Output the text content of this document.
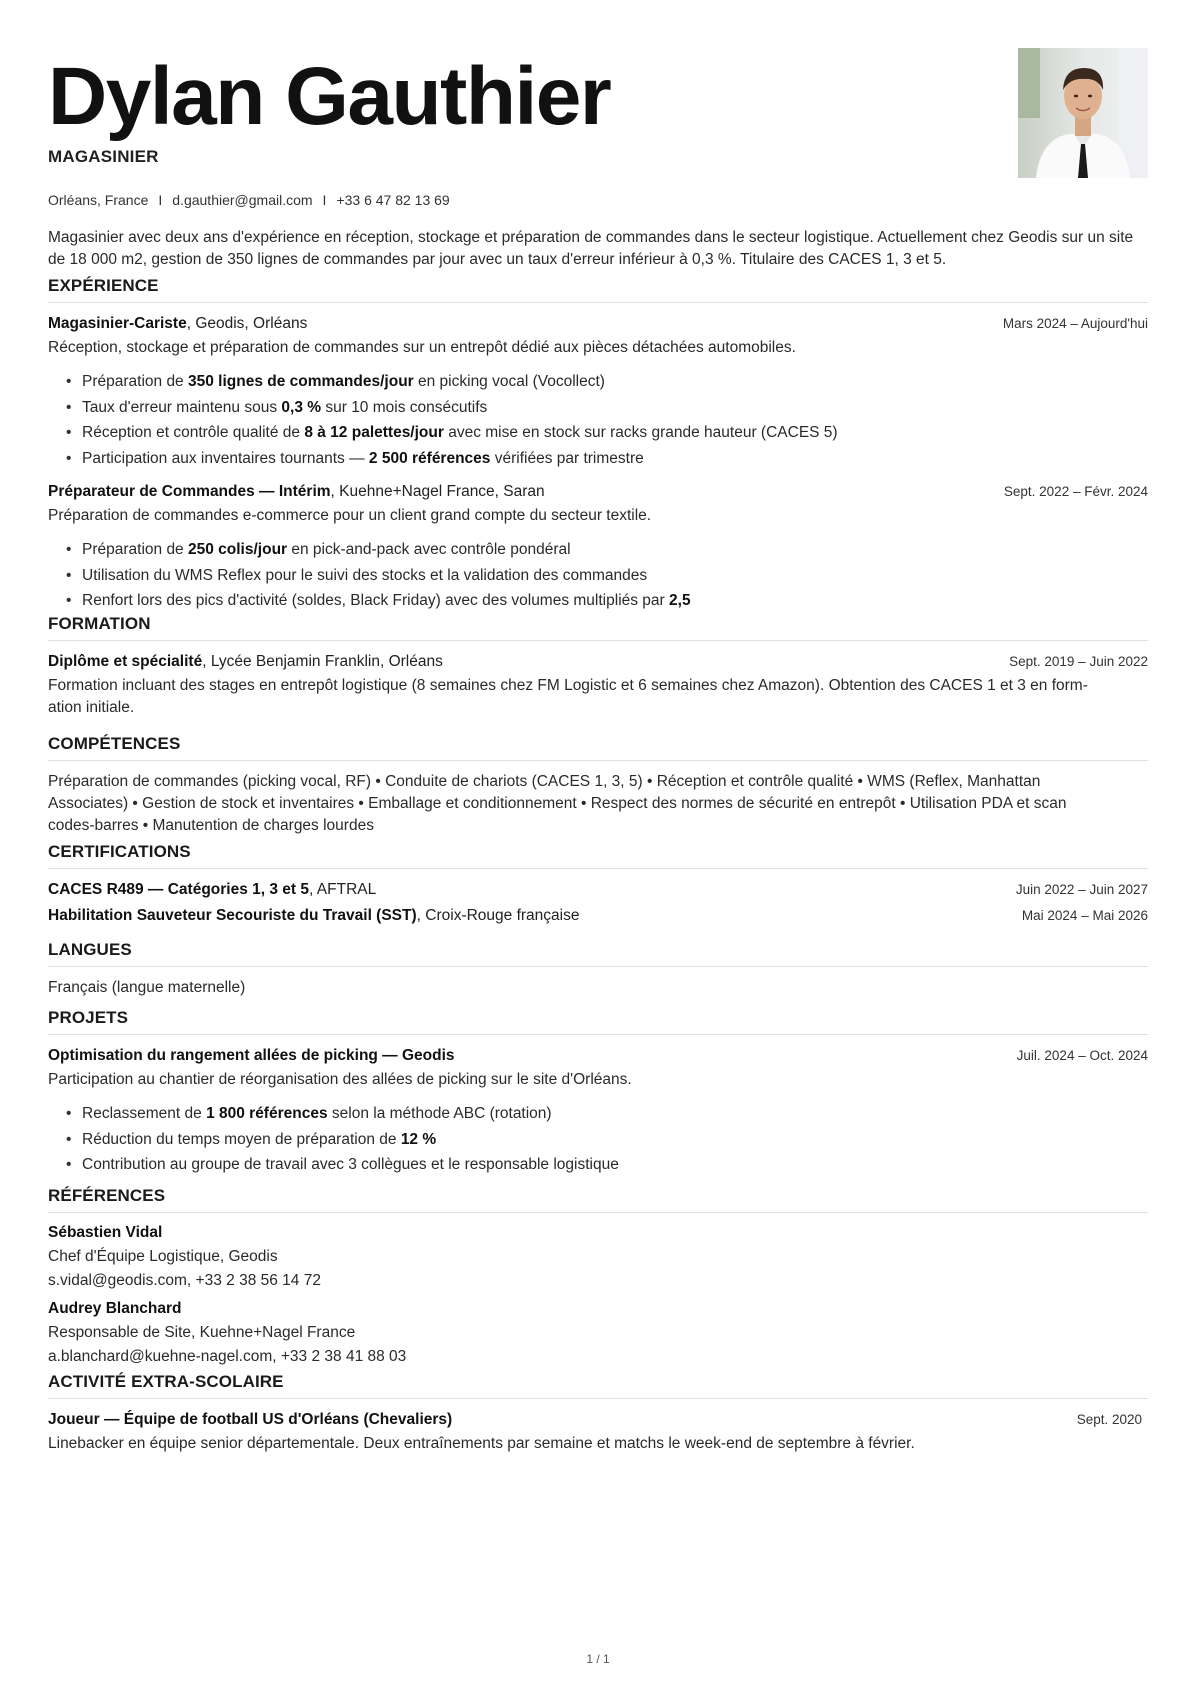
Dylan Gauthier
MAGASINIER
Orléans, France I d.gauthier@gmail.com I +33 6 47 82 13 69

Magasinier avec deux ans d'expérience en réception, stockage et préparation de commandes dans le secteur logistique. Actuellement chez Geodis sur un site de 18 000 m2, gestion de 350 lignes de commandes par jour avec un taux d'erreur inférieur à 0,3 %. Titulaire des CACES 1, 3 et 5.

EXPÉRIENCE
Magasinier-Cariste, Geodis, Orléans	Mars 2024 – Aujourd'hui

Réception, stockage et préparation de commandes sur un entrepôt dédié aux pièces détachées automobiles.

• Préparation de 350 lignes de commandes/jour en picking vocal (Vocollect)
• Taux d'erreur maintenu sous 0,3 % sur 10 mois consécutifs
• Réception et contrôle qualité de 8 à 12 palettes/jour avec mise en stock sur racks grande hauteur (CACES 5)
• Participation aux inventaires tournants — 2 500 références vérifiées par trimestre
Préparateur de Commandes — Intérim, Kuehne+Nagel France, Saran	Sept. 2022 – Févr. 2024

Préparation de commandes e-commerce pour un client grand compte du secteur textile.

• Préparation de 250 colis/jour en pick-and-pack avec contrôle pondéral
• Utilisation du WMS Reflex pour le suivi des stocks et la validation des commandes
• Renfort lors des pics d'activité (soldes, Black Friday) avec des volumes multipliés par 2,5
FORMATION
Diplôme et spécialité, Lycée Benjamin Franklin, Orléans	Sept. 2019 – Juin 2022

Formation incluant des stages en entrepôt logistique (8 semaines chez FM Logistic et 6 semaines chez Amazon). Obtention des CACES 1 et 3 en form-
ation initiale.

COMPÉTENCES

Préparation de commandes (picking vocal, RF) • Conduite de chariots (CACES 1, 3, 5) • Réception et contrôle qualité • WMS (Reflex, Manhattan
Associates) • Gestion de stock et inventaires • Emballage et conditionnement • Respect des normes de sécurité en entrepôt • Utilisation PDA et scan
codes-barres • Manutention de charges lourdes

CERTIFICATIONS
CACES R489 — Catégories 1, 3 et 5, AFTRAL	Juin 2022 – Juin 2027
Habilitation Sauveteur Secouriste du Travail (SST), Croix-Rouge française	Mai 2024 – Mai 2026
LANGUES

Français (langue maternelle)

PROJETS
Optimisation du rangement allées de picking — Geodis	Juil. 2024 – Oct. 2024

Participation au chantier de réorganisation des allées de picking sur le site d'Orléans.

• Reclassement de 1 800 références selon la méthode ABC (rotation)
• Réduction du temps moyen de préparation de 12 %
• Contribution au groupe de travail avec 3 collègues et le responsable logistique
RÉFÉRENCES
Sébastien Vidal
Chef d'Équipe Logistique, Geodis
s.vidal@geodis.com, +33 2 38 56 14 72
Audrey Blanchard
Responsable de Site, Kuehne+Nagel France
a.blanchard@kuehne-nagel.com, +33 2 38 41 88 03
ACTIVITÉ EXTRA-SCOLAIRE
Joueur — Équipe de football US d'Orléans (Chevaliers)	Sept. 2020

Linebacker en équipe senior départementale. Deux entraînements par semaine et matchs le week-end de septembre à février.

1 / 1
